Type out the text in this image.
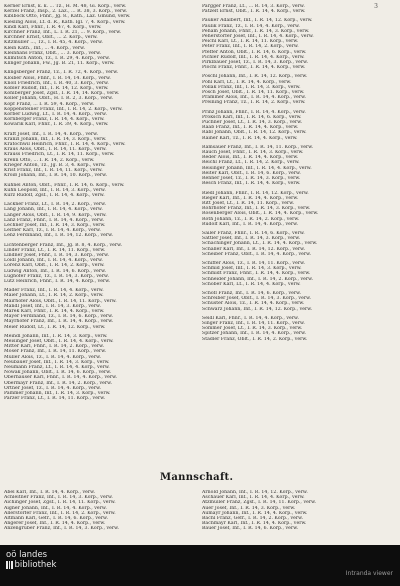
3
Kerner Ernst, k. k. ... Tz., H. M. 48, Gi. Korp., verw.
Kerzel Franz, Insp., 2. Laz., ... R. 38, 3. Korp., verw.
Kiblböck Otto, Fhnr., Jg. 8., Kath., Laz. Gmünd, verw.
Kiesling Alois, Lt. d. R., Kath. Igl. 7, 4. Korp., verw.
Kindl Karl, Fhnr., I. R. 47, 4. Korp., verw.
Kirchner Franz, Inf., L. I. R. 21, ... 9. Korp., verw.
Kirchner Ernst, Oblt., ... 2. Korp., verw.
Kitzmüller ..., Tz., I. R. 45, 4. Korp., verw.
Klein Kath., Inf., ... 4. Korp., verw.
Kleinhans Franz, Oblt., ... 3. Korp., verw.
Klimitsch Anton, Tz., I. R. 29, 4. Korp., verw.
Klinger Johann, Fw., Jg. B. 21, 11. Korp., verw.
Klingsberger Franz, Tz., I. R. 72, 4. Korp., verw.
Kloiber Alois, Fhnr., I. R. 14, 14. Korp., verw.
Knoll Friedrich, Inf., I. R. 40, 3. Korp., verw.
Kobler Rudolf, Inf., I. R. 14, 12. Korp., verw.
Kohlberger Josef, Zgsf., I. R. 14, 14. Korp., verw.
Koller Johann, Oblt., H. I. R. 2, 3. Korp., verw.
Kopf Franz, ... I. R. 59, 4. Korp., verw.
Koppensteiner Franz, Inf., I. R. 14, 2. Korp., verw.
Korber Ludwig, Lt., I. R. 14, 4. Korp., verw.
Kornberger Franz, I. R. 14, 4. Korp., verw.
Kowarik Karl, Fhnr., I. R. 39, 4. Korp., verw.
Kraft Josef, Inf., I. R. 14, 4. Korp., verw.
Kranzl Johann, Inf., I. R. 14, 3. Korp., verw.
Kratochwil Heinrich, Fhnr., I. R. 14, 4. Korp., verw.
Kraus Alois, Oblt., I. R. 14, 11. Korp., verw.
Krauss Friedrich, Lt., I. R. 14, 11. Korp., verw.
Krenn Otto, ... I. R. 14, 2. Korp., verw.
Krieger Anton, Tz., Jg. B. 3, 4. Korp., verw.
Krist Franz, Inf., I. R. 14, 11. Korp., verw.
Kroiß Johann, Inf., I. R. 14, 10. Korp., verw.
Kühnel Anton, Oblt., Fhnr., I. R. 14, 6. Korp., verw.
Kuhn Leopold, Inf., I. R. 14, 3. Korp., verw.
Kurz Rudolf, Zgsf., I. R. 14, 4. Korp., verw.
Lackner Franz, Lt., I. R. 14, 2. Korp., verw.
Lang Johann, Inf., I. R. 14, 4. Korp., verw.
Langer Alois, Oblt., I. R. 14, 9. Korp., verw.
Lanz Franz, Fhnr., I. R. 14, 4. Korp., verw.
Lechner Josef, Inf., I. R. 14, 3. Korp., verw.
Leitner Karl, Tz., I. R. 14, 4. Korp., verw.
Lenz Ferdinand, Inf., I. R. 14, 12. Korp., verw.
Lichtenberger Franz, Inf., Jg. B. 8, 4. Korp., verw.
Linder Franz, Lt., I. R. 14, 11. Korp., verw.
Lindner Josef, Fhnr., I. R. 14, 3. Korp., verw.
Loidl Johann, Inf., I. R. 14, 4. Korp., verw.
Lorenz Karl, Oblt., I. R. 14, 2. Korp., verw.
Ludwig Anton, Inf., I. R. 14, 6. Korp., verw.
Lughofer Franz, Tz., I. R. 14, 3. Korp., verw.
Lutz Heinrich, Fhnr., I. R. 14, 4. Korp., verw.
Mader Franz, Inf., I. R. 14, 4. Korp., verw.
Maier Johann, Lt., I. R. 14, 2. Korp., verw.
Mairhofer Alois, Oblt., I. R. 14, 11. Korp., verw.
Mandl Josef, Inf., I. R. 14, 3. Korp., verw.
Marek Karl, Fhnr., I. R. 14, 4. Korp., verw.
Mayer Ferdinand, Tz., I. R. 14, 6. Korp., verw.
Mayrhofer Franz, Inf., I. R. 14, 4. Korp., verw.
Meier Rudolf, Lt., I. R. 14, 12. Korp., verw.
Meindl Johann, Inf., I. R. 14, 3. Korp., verw.
Meisinger Josef, Oblt., I. R. 14, 4. Korp., verw.
Mitter Karl, Fhnr., I. R. 14, 2. Korp., verw.
Moser Franz, Inf., I. R. 14, 11. Korp., verw.
Müller Alois, Tz., I. R. 14, 4. Korp., verw.
Neubauer Josef, Inf., I. R. 14, 3. Korp., verw.
Neumann Franz, Lt., I. R. 14, 4. Korp., verw.
Nowak Johann, Oblt., I. R. 14, 6. Korp., verw.
Oberhauser Karl, Fhnr., I. R. 14, 4. Korp., verw.
Obermayr Franz, Inf., I. R. 14, 2. Korp., verw.
Ortner Josef, Tz., I. R. 14, 4. Korp., verw.
Pammer Johann, Inf., I. R. 14, 3. Korp., verw.
Parzer Franz, Lt., I. R. 14, 11. Korp., verw.
Pargger Franz, Lt., ... R. 14, 3. Korp., verw.
Patzelt Ernst, Oblt., I. R. 14, 4. Korp., verw.
Pauker Adalbert, Inf., I. R. 14, 12. Korp., verw.
Paulik Franz, Tz., I. R. 14, 4. Korp., verw.
Peham Johann, Fhnr., I. R. 14, 3. Korp., verw.
Peherstorfer Josef, Inf., I. R. 14, 4. Korp., verw.
Peichl Karl, Lt., I. R. 14, 11. Korp., verw.
Peter Franz, Inf., I. R. 14, 2. Korp., verw.
Pfeffer Anton, Oblt., I. R. 14, 6. Korp., verw.
Pichler Rudolf, Inf., I. R. 14, 4. Korp., verw.
Pirklbauer Josef, Tz., I. R. 14, 3. Korp., verw.
Plöchl Franz, Fhnr., I. R. 14, 4. Korp., verw.
Pöschl Johann, Inf., I. R. 14, 12. Korp., verw.
Pohl Karl, Lt., I. R. 14, 4. Korp., verw.
Pollak Franz, Inf., I. R. 14, 3. Korp., verw.
Posch Josef, Oblt., I. R. 14, 11. Korp., verw.
Prammer Alois, Inf., I. R. 14, 4. Korp., verw.
Preining Franz, Tz., I. R. 14, 2. Korp., verw.
Prinz Johann, Fhnr., I. R. 14, 4. Korp., verw.
Proksch Karl, Inf., I. R. 14, 6. Korp., verw.
Puchner Josef, Lt., I. R. 14, 3. Korp., verw.
Raab Franz, Inf., I. R. 14, 4. Korp., verw.
Rabl Johann, Oblt., I. R. 14, 12. Korp., verw.
Rainer Karl, Tz., I. R. 14, 4. Korp., verw.
Ramsauer Franz, Inf., I. R. 14, 11. Korp., verw.
Rauch Josef, Fhnr., I. R. 14, 3. Korp., verw.
Reder Alois, Inf., I. R. 14, 4. Korp., verw.
Reichl Franz, Lt., I. R. 14, 2. Korp., verw.
Reisinger Johann, Inf., I. R. 14, 4. Korp., verw.
Reiter Karl, Oblt., I. R. 14, 6. Korp., verw.
Renner Josef, Tz., I. R. 14, 3. Korp., verw.
Resch Franz, Inf., I. R. 14, 4. Korp., verw.
Riedl Johann, Fhnr., I. R. 14, 12. Korp., verw.
Rieger Karl, Inf., I. R. 14, 4. Korp., verw.
Ritt Josef, Lt., I. R. 14, 11. Korp., verw.
Rohrhofer Franz, Inf., I. R. 14, 3. Korp., verw.
Rosenberger Alois, Oblt., I. R. 14, 4. Korp., verw.
Roth Johann, Tz., I. R. 14, 2. Korp., verw.
Rudolf Karl, Inf., I. R. 14, 4. Korp., verw.
Sailer Franz, Fhnr., I. R. 14, 6. Korp., verw.
Sattler Josef, Inf., I. R. 14, 3. Korp., verw.
Schachinger Johann, Lt., I. R. 14, 4. Korp., verw.
Schaller Karl, Inf., I. R. 14, 12. Korp., verw.
Scheiber Franz, Oblt., I. R. 14, 4. Korp., verw.
Schiffer Alois, Tz., I. R. 14, 11. Korp., verw.
Schmid Josef, Inf., I. R. 14, 3. Korp., verw.
Schmidt Franz, Fhnr., I. R. 14, 4. Korp., verw.
Schneider Johann, Inf., I. R. 14, 2. Korp., verw.
Schober Karl, Lt., I. R. 14, 4. Korp., verw.
Schöfl Franz, Inf., I. R. 14, 6. Korp., verw.
Schreiber Josef, Oblt., I. R. 14, 3. Korp., verw.
Schuster Alois, Tz., I. R. 14, 4. Korp., verw.
Schwarz Johann, Inf., I. R. 14, 12. Korp., verw.
Seidl Karl, Fhnr., I. R. 14, 4. Korp., verw.
Singer Franz, Inf., I. R. 14, 11. Korp., verw.
Sommer Josef, Lt., I. R. 14, 3. Korp., verw.
Spitzer Johann, Inf., I. R. 14, 4. Korp., verw.
Stadler Franz, Oblt., I. R. 14, 2. Korp., verw.
Mannschaft.
Abel Karl, Inf., I. R. 14, 4. Korp., verw.
Achleitner Franz, Inf., I. R. 14, 3. Korp., verw.
Aichinger Josef, Zgsf., I. R. 14, 11. Korp., verw.
Aigner Johann, Inf., I. R. 14, 4. Korp., verw.
Allerstorfer Franz, Inf., I. R. 14, 2. Korp., verw.
Altmann Karl, Gefr., I. R. 14, 6. Korp., verw.
Angerer Josef, Inf., I. R. 14, 4. Korp., verw.
Anzengruber Franz, Inf., I. R. 14, 3. Korp., verw.
Arnold Johann, Inf., I. R. 14, 12. Korp., verw.
Aschauer Karl, Inf., I. R. 14, 4. Korp., verw.
Atzmüller Franz, Zgsf., I. R. 14, 11. Korp., verw.
Auer Josef, Inf., I. R. 14, 3. Korp., verw.
Aumayr Johann, Inf., I. R. 14, 4. Korp., verw.
Bachl Franz, Gefr., I. R. 14, 2. Korp., verw.
Bachmayr Karl, Inf., I. R. 14, 4. Korp., verw.
Bauer Josef, Inf., I. R. 14, 6. Korp., verw.
oö landes
bibliothek
Intranda viewer
